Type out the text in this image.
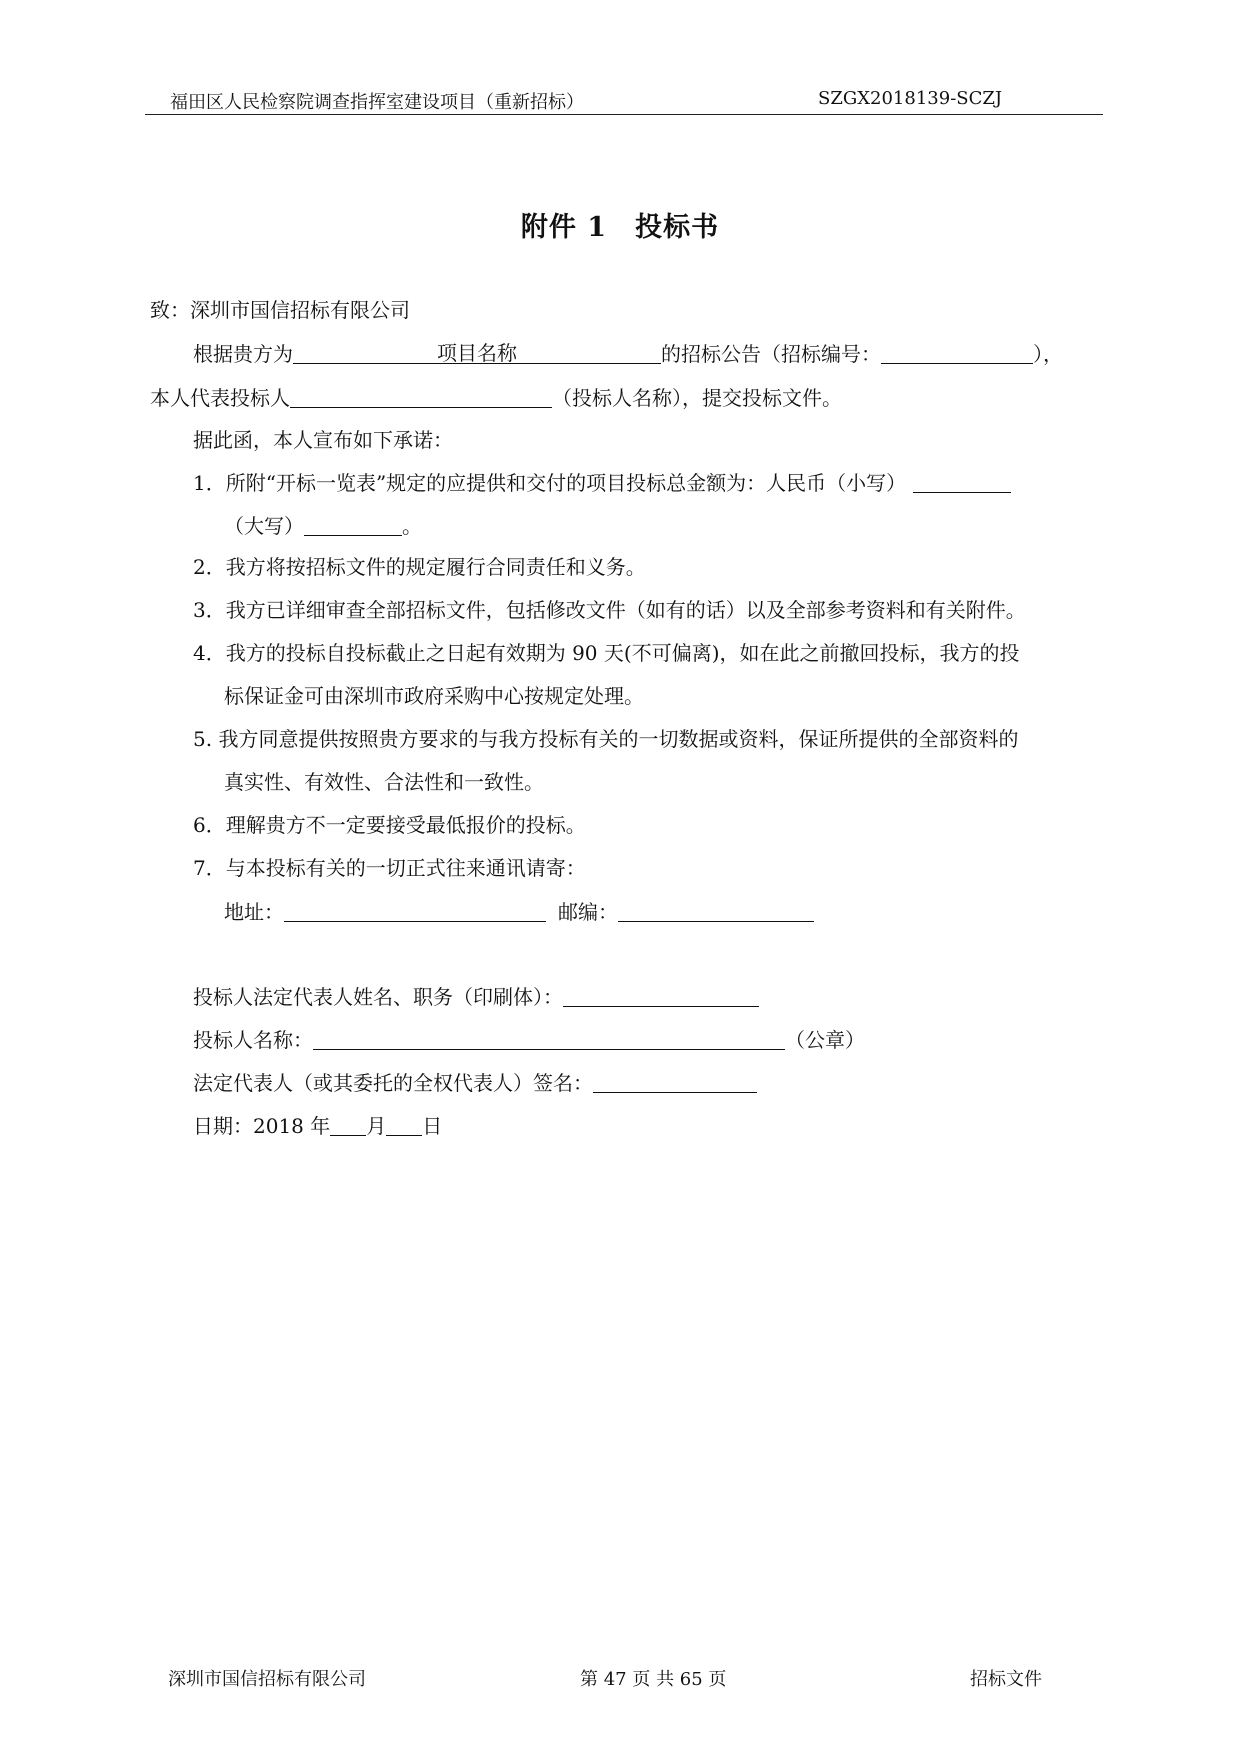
福田区人民检察院调查指挥室建设项目（重新招标）	SZGX2018139-SCZJ
附件 1　投标书
致：深圳市国信招标有限公司
根据贵方为	项目名称	的招标公告（招标编号：	），
本人代表投标人	（投标人名称），提交投标文件。
据此函，本人宣布如下承诺：
1．所附“开标一览表”规定的应提供和交付的项目投标总金额为：人民币（小写）
（大写）	。
2．我方将按招标文件的规定履行合同责任和义务。
3．我方已详细审查全部招标文件，包括修改文件（如有的话）以及全部参考资料和有关附件。
4．我方的投标自投标截止之日起有效期为 90 天(不可偏离)，如在此之前撤回投标，我方的投
标保证金可由深圳市政府采购中心按规定处理。
5. 我方同意提供按照贵方要求的与我方投标有关的一切数据或资料，保证所提供的全部资料的
真实性、有效性、合法性和一致性。
6．理解贵方不一定要接受最低报价的投标。
7．与本投标有关的一切正式往来通讯请寄：
地址：	邮编：
投标人法定代表人姓名、职务（印刷体）：
投标人名称：	（公章）
法定代表人（或其委托的全权代表人）签名：
日期：2018 年 月 日
深圳市国信招标有限公司	第 47 页 共 65 页	招标文件
